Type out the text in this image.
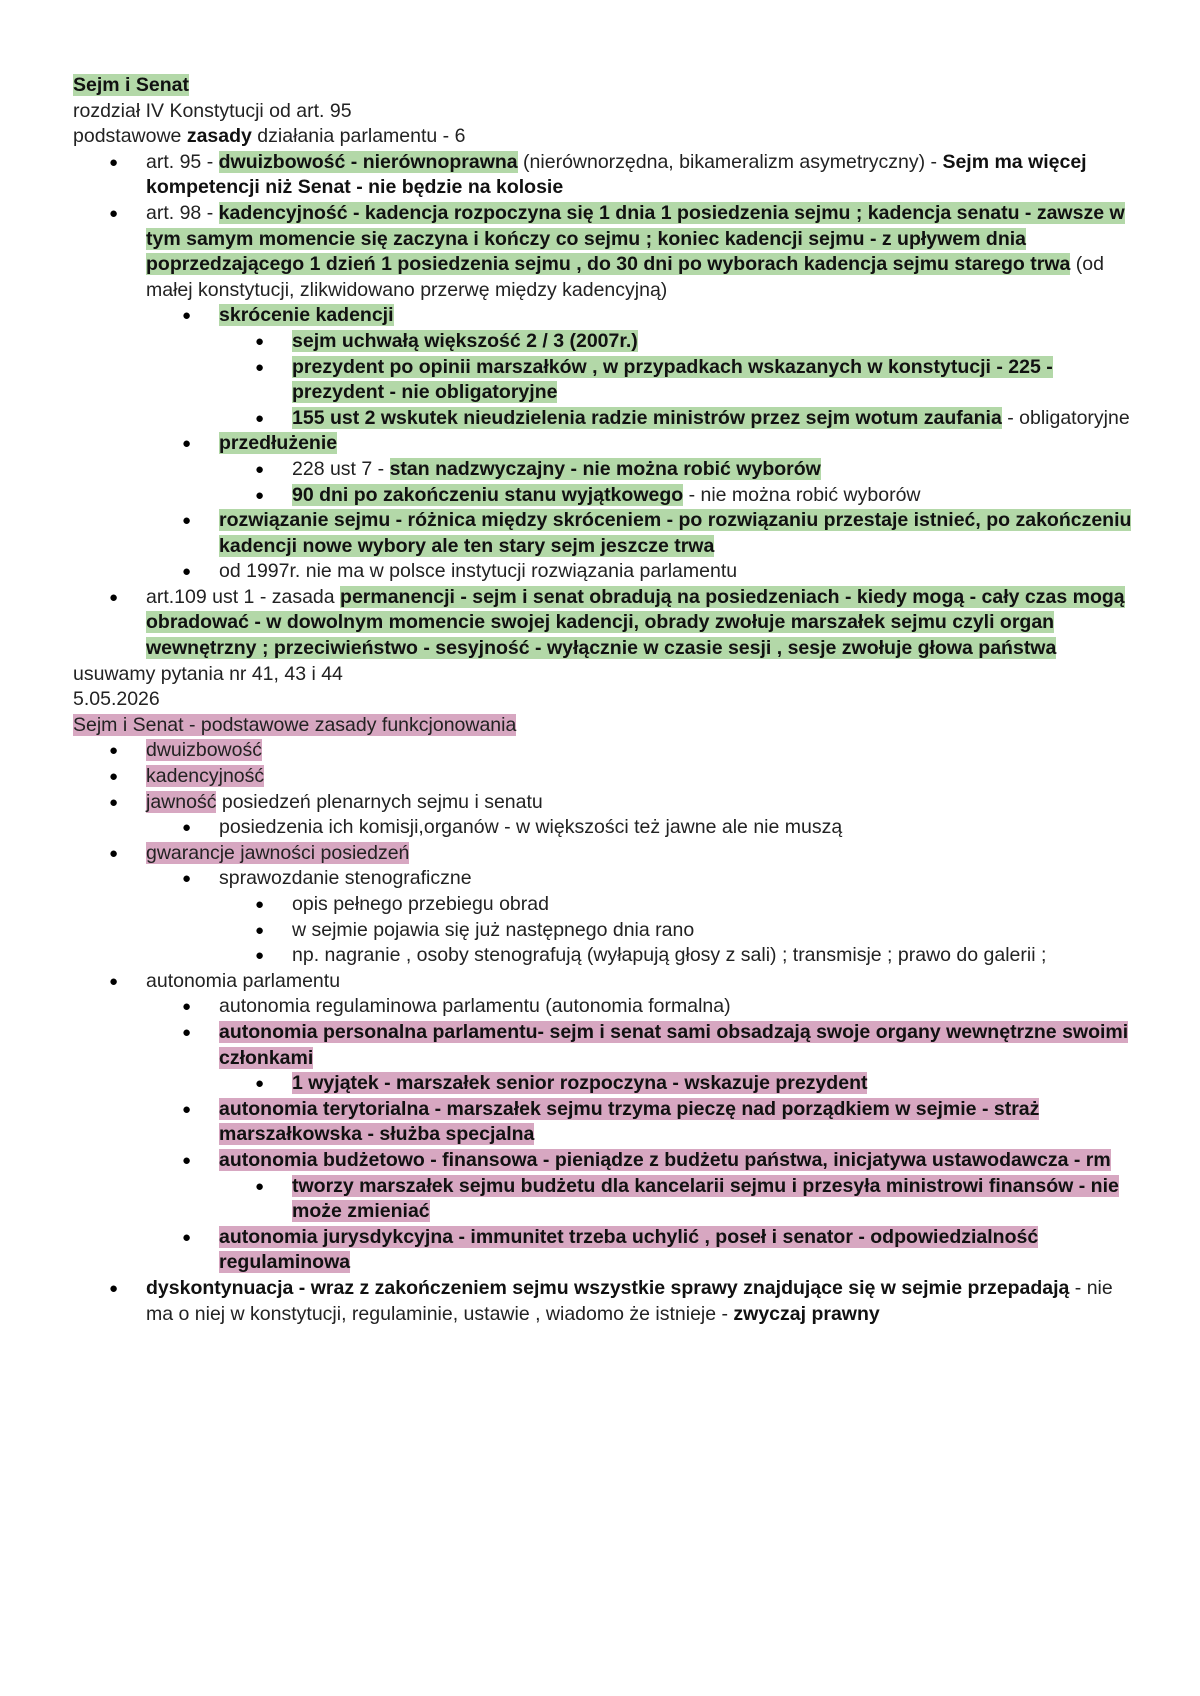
Sejm i Senat
rozdział IV Konstytucji od art. 95
podstawowe zasady działania parlamentu - 6
● art. 95 - dwuizbowość - nierównoprawna (nierównorzędna, bikameralizm asymetryczny) - Sejm ma więcej kompetencji niż Senat - nie będzie na kolosie
● art. 98 - kadencyjność - kadencja rozpoczyna się 1 dnia 1 posiedzenia sejmu ; kadencja senatu - zawsze w tym samym momencie się zaczyna i kończy co sejmu ; koniec kadencji sejmu - z upływem dnia poprzedzającego 1 dzień 1 posiedzenia sejmu , do 30 dni po wyborach kadencja sejmu starego trwa (od małej konstytucji, zlikwidowano przerwę między kadencyjną)
● skrócenie kadencji
● sejm uchwałą większość 2 / 3 (2007r.)
● prezydent po opinii marszałków , w przypadkach wskazanych w konstytucji - 225 - prezydent - nie obligatoryjne
● 155 ust 2 wskutek nieudzielenia radzie ministrów przez sejm wotum zaufania - obligatoryjne
● przedłużenie
● 228 ust 7 - stan nadzwyczajny - nie można robić wyborów
● 90 dni po zakończeniu stanu wyjątkowego - nie można robić wyborów
● rozwiązanie sejmu - różnica między skróceniem - po rozwiązaniu przestaje istnieć, po zakończeniu kadencji nowe wybory ale ten stary sejm jeszcze trwa
● od 1997r. nie ma w polsce instytucji rozwiązania parlamentu
● art.109 ust 1 - zasada permanencji - sejm i senat obradują na posiedzeniach - kiedy mogą - cały czas mogą obradować - w dowolnym momencie swojej kadencji, obrady zwołuje marszałek sejmu czyli organ wewnętrzny ; przeciwieństwo - sesyjność - wyłącznie w czasie sesji , sesje zwołuje głowa państwa
usuwamy pytania nr 41, 43 i 44
5.05.2026
Sejm i Senat - podstawowe zasady funkcjonowania
● dwuizbowość
● kadencyjność
● jawność posiedzeń plenarnych sejmu i senatu
● posiedzenia ich komisji,organów - w większości też jawne ale nie muszą
● gwarancje jawności posiedzeń
● sprawozdanie stenograficzne
● opis pełnego przebiegu obrad
● w sejmie pojawia się już następnego dnia rano
● np. nagranie , osoby stenografują (wyłapują głosy z sali) ; transmisje ; prawo do galerii ;
● autonomia parlamentu
● autonomia regulaminowa parlamentu (autonomia formalna)
● autonomia personalna parlamentu- sejm i senat sami obsadzają swoje organy wewnętrzne swoimi członkami
● 1 wyjątek - marszałek senior rozpoczyna - wskazuje prezydent
● autonomia terytorialna - marszałek sejmu trzyma pieczę nad porządkiem w sejmie - straż marszałkowska - służba specjalna
● autonomia budżetowo - finansowa - pieniądze z budżetu państwa, inicjatywa ustawodawcza - rm
● tworzy marszałek sejmu budżetu dla kancelarii sejmu i przesyła ministrowi finansów - nie może zmieniać
● autonomia jurysdykcyjna - immunitet trzeba uchylić , poseł i senator - odpowiedzialność regulaminowa
● dyskontynuacja - wraz z zakończeniem sejmu wszystkie sprawy znajdujące się w sejmie przepadają - nie ma o niej w konstytucji, regulaminie, ustawie , wiadomo że istnieje - zwyczaj prawny
